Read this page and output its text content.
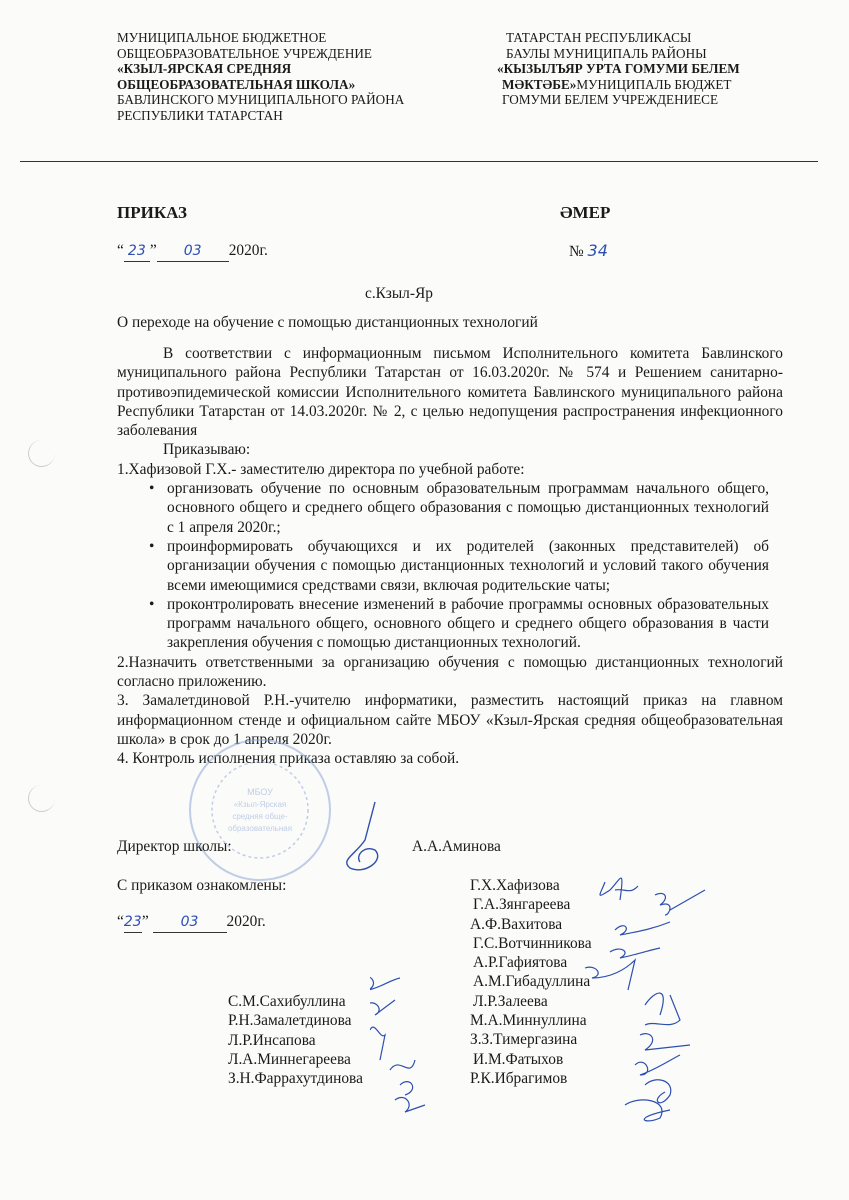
МУНИЦИПАЛЬНОЕ БЮДЖЕТНОЕ
ОБЩЕОБРАЗОВАТЕЛЬНОЕ УЧРЕЖДЕНИЕ
«КЗЫЛ-ЯРСКАЯ СРЕДНЯЯ
ОБЩЕОБРАЗОВАТЕЛЬНАЯ ШКОЛА»
БАВЛИНСКОГО МУНИЦИПАЛЬНОГО РАЙОНА
РЕСПУБЛИКИ ТАТАРСТАН
ТАТАРСТАН РЕСПУБЛИКАСЫ
БАУЛЫ МУНИЦИПАЛЬ РАЙОНЫ
«КЫЗЫЛЪЯР УРТА ГОМУМИ БЕЛЕМ
МӘКТӘБЕ»МУНИЦИПАЛЬ БЮДЖЕТ
ГОМУМИ БЕЛЕМ УЧРЕЖДЕНИЕСЕ
ПРИКАЗ	ӘМЕР
“ 23 ” 03 2020г.	№ 34
с.Кзыл-Яр
О переходе на обучение с помощью дистанционных технологий

В соответствии с информационным письмом Исполнительного комитета Бавлинского муниципального района Республики Татарстан от 16.03.2020г. № 574 и Решением санитарно-противоэпидемической комиссии Исполнительного комитета Бавлинского муниципального района Республики Татарстан от 14.03.2020г. № 2, с целью недопущения распространения инфекционного заболевания

Приказываю:

1.Хафизовой Г.Х.- заместителю директора по учебной работе:

• организовать обучение по основным образовательным программам начального общего, основного общего и среднего общего образования с помощью дистанционных технологий с 1 апреля 2020г.;

• проинформировать обучающихся и их родителей (законных представителей) об организации обучения с помощью дистанционных технологий и условий такого обучения всеми имеющимися средствами связи, включая родительские чаты;

• проконтролировать внесение изменений в рабочие программы основных образовательных программ начального общего, основного общего и среднего общего образования в части закрепления обучения с помощью дистанционных технологий.

2.Назначить ответственными за организацию обучения с помощью дистанционных технологий согласно приложению.

3. Замалетдиновой Р.Н.-учителю информатики, разместить настоящий приказ на главном информационном стенде и официальном сайте МБОУ «Кзыл-Ярская средняя общеобразовательная школа» в срок до 1 апреля 2020г.

4. Контроль исполнения приказа оставляю за собой.

МБОУ
«Кзыл-Ярская
средняя обще-
образовательная
Директор школы:	А.А.Аминова
С приказом ознакомлены:
“23” 03 2020г.
Г.Х.Хафизова
Г.А.Зянгареева
А.Ф.Вахитова
Г.С.Вотчинникова
А.Р.Гафиятова
А.М.Гибадуллина
Л.Р.Залеева
М.А.Миннуллина
З.З.Тимергазина
И.М.Фатыхов
Р.К.Ибрагимов
С.М.Сахибуллина
Р.Н.Замалетдинова
Л.Р.Инсапова
Л.А.Миннегареева
З.Н.Фаррахутдинова
